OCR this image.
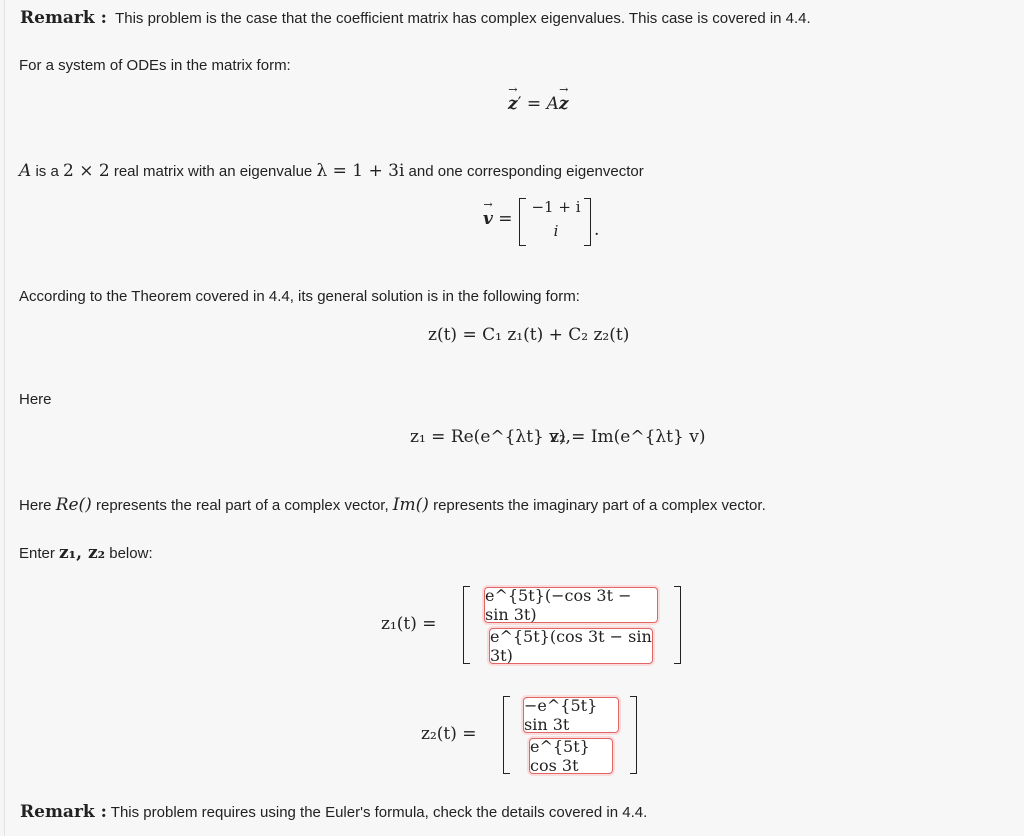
Remark : This problem is the case that the coefficient matrix has complex eigenvalues. This case is covered in 4.4.
For a system of ODEs in the matrix form:
→ z′ = A→ z
A is a 2 × 2 real matrix with an eigenvalue λ = 1 + 3i and one corresponding eigenvector
→ v =
−1 + i
i	.
According to the Theorem covered in 4.4, its general solution is in the following form:
z(t) = C₁ z₁(t) + C₂ z₂(t)
Here
z₁ = Re(e^{λt} v),
z₂ = Im(e^{λt} v)
Here Re() represents the real part of a complex vector, Im() represents the imaginary part of a complex vector.
Enter z₁, z₂ below:
z₁(t) =
e^{5t}(−cos 3t − sin 3t)
e^{5t}(cos 3t − sin 3t)
z₂(t) =
−e^{5t} sin 3t
e^{5t} cos 3t
Remark : This problem requires using the Euler's formula, check the details covered in 4.4.
